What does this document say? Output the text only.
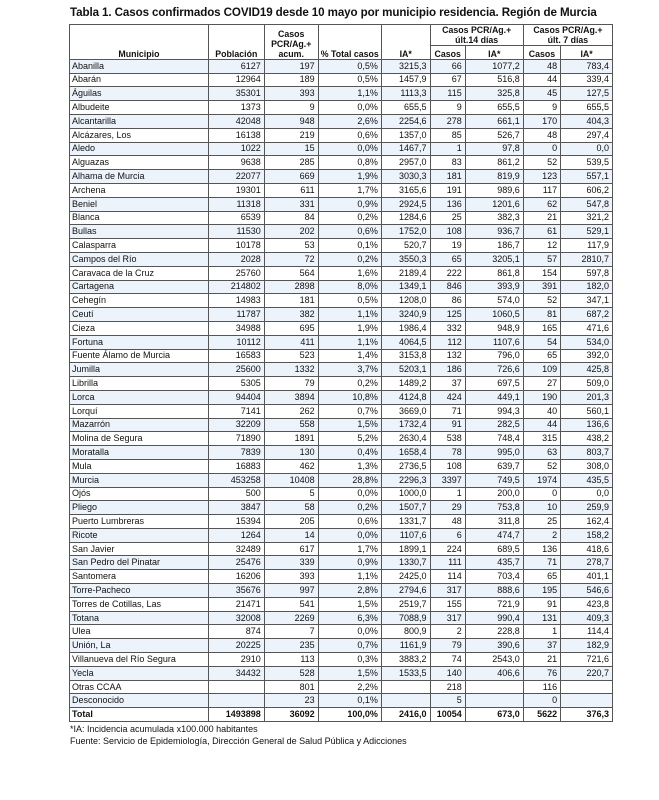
Tabla 1. Casos confirmados COVID19 desde 10 mayo por municipio residencia. Región de Murcia
Municipio	Población	Casos PCR/Ag.+ acum.	% Total casos	IA*	Casos PCR/Ag.+ últ.14 días		Casos PCR/Ag.+ últ. 7 días	
					Casos	IA*	Casos	IA*
Abanilla	6127	197	0,5%	3215,3	66	1077,2	48	783,4
Abarán	12964	189	0,5%	1457,9	67	516,8	44	339,4
Águilas	35301	393	1,1%	1113,3	115	325,8	45	127,5
Albudeite	1373	9	0,0%	655,5	9	655,5	9	655,5
Alcantarilla	42048	948	2,6%	2254,6	278	661,1	170	404,3
Alcázares, Los	16138	219	0,6%	1357,0	85	526,7	48	297,4
Aledo	1022	15	0,0%	1467,7	1	97,8	0	0,0
Alguazas	9638	285	0,8%	2957,0	83	861,2	52	539,5
Alhama de Murcia	22077	669	1,9%	3030,3	181	819,9	123	557,1
Archena	19301	611	1,7%	3165,6	191	989,6	117	606,2
Beniel	11318	331	0,9%	2924,5	136	1201,6	62	547,8
Blanca	6539	84	0,2%	1284,6	25	382,3	21	321,2
Bullas	11530	202	0,6%	1752,0	108	936,7	61	529,1
Calasparra	10178	53	0,1%	520,7	19	186,7	12	117,9
Campos del Río	2028	72	0,2%	3550,3	65	3205,1	57	2810,7
Caravaca de la Cruz	25760	564	1,6%	2189,4	222	861,8	154	597,8
Cartagena	214802	2898	8,0%	1349,1	846	393,9	391	182,0
Cehegín	14983	181	0,5%	1208,0	86	574,0	52	347,1
Ceutí	11787	382	1,1%	3240,9	125	1060,5	81	687,2
Cieza	34988	695	1,9%	1986,4	332	948,9	165	471,6
Fortuna	10112	411	1,1%	4064,5	112	1107,6	54	534,0
Fuente Álamo de Murcia	16583	523	1,4%	3153,8	132	796,0	65	392,0
Jumilla	25600	1332	3,7%	5203,1	186	726,6	109	425,8
Librilla	5305	79	0,2%	1489,2	37	697,5	27	509,0
Lorca	94404	3894	10,8%	4124,8	424	449,1	190	201,3
Lorquí	7141	262	0,7%	3669,0	71	994,3	40	560,1
Mazarrón	32209	558	1,5%	1732,4	91	282,5	44	136,6
Molina de Segura	71890	1891	5,2%	2630,4	538	748,4	315	438,2
Moratalla	7839	130	0,4%	1658,4	78	995,0	63	803,7
Mula	16883	462	1,3%	2736,5	108	639,7	52	308,0
Murcia	453258	10408	28,8%	2296,3	3397	749,5	1974	435,5
Ojós	500	5	0,0%	1000,0	1	200,0	0	0,0
Pliego	3847	58	0,2%	1507,7	29	753,8	10	259,9
Puerto Lumbreras	15394	205	0,6%	1331,7	48	311,8	25	162,4
Ricote	1264	14	0,0%	1107,6	6	474,7	2	158,2
San Javier	32489	617	1,7%	1899,1	224	689,5	136	418,6
San Pedro del Pinatar	25476	339	0,9%	1330,7	111	435,7	71	278,7
Santomera	16206	393	1,1%	2425,0	114	703,4	65	401,1
Torre-Pacheco	35676	997	2,8%	2794,6	317	888,6	195	546,6
Torres de Cotillas, Las	21471	541	1,5%	2519,7	155	721,9	91	423,8
Totana	32008	2269	6,3%	7088,9	317	990,4	131	409,3
Ulea	874	7	0,0%	800,9	2	228,8	1	114,4
Unión, La	20225	235	0,7%	1161,9	79	390,6	37	182,9
Villanueva del Río Segura	2910	113	0,3%	3883,2	74	2543,0	21	721,6
Yecla	34432	528	1,5%	1533,5	140	406,6	76	220,7
Otras CCAA		801	2,2%		218		116	
Desconocido		23	0,1%		5		0	
Total	1493898	36092	100,0%	2416,0	10054	673,0	5622	376,3
*IA: Incidencia acumulada x100.000 habitantes
Fuente: Servicio de Epidemiología, Dirección General de Salud Pública y Adicciones
